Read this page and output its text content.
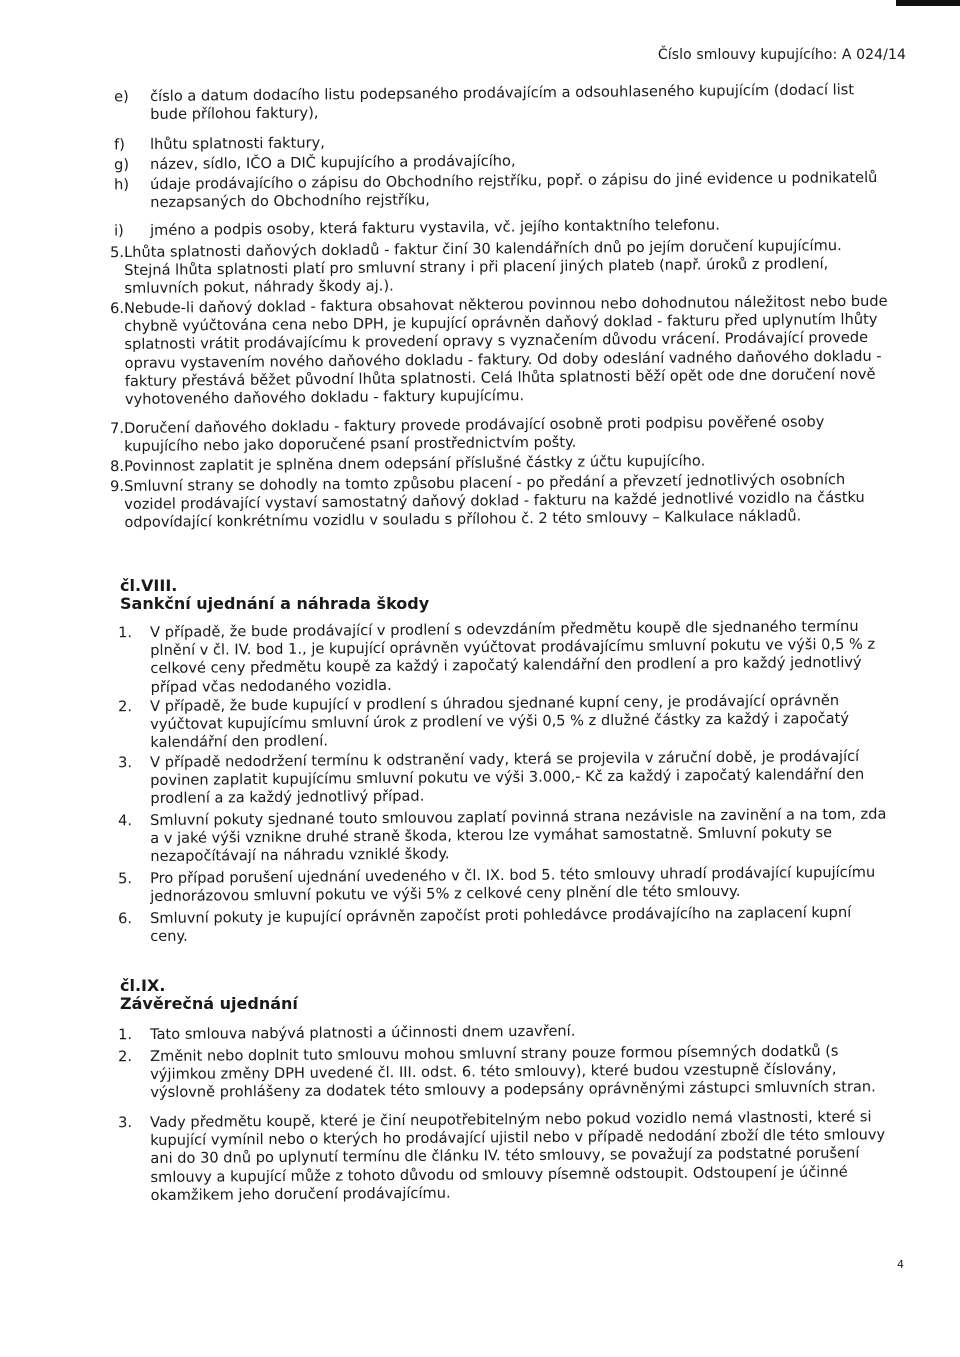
Číslo smlouvy kupujícího: A 024/14
e)	číslo a datum dodacího listu podepsaného prodávajícím a odsouhlaseného kupujícím (dodací list bude přílohou faktury),
f)	lhůtu splatnosti faktury,
g)	název, sídlo, IČO a DIČ kupujícího a prodávajícího,
h)	údaje prodávajícího o zápisu do Obchodního rejstříku, popř. o zápisu do jiné evidence u podnikatelů nezapsaných do Obchodního rejstříku,
i)	jméno a podpis osoby, která fakturu vystavila, vč. jejího kontaktního telefonu.
5. Lhůta splatnosti daňových dokladů - faktur činí 30 kalendářních dnů po jejím doručení kupujícímu. Stejná lhůta splatnosti platí pro smluvní strany i při placení jiných plateb (např. úroků z prodlení, smluvních pokut, náhrady škody aj.).
6. Nebude-li daňový doklad - faktura obsahovat některou povinnou nebo dohodnutou náležitost nebo bude chybně vyúčtována cena nebo DPH, je kupující oprávněn daňový doklad - fakturu před uplynutím lhůty splatnosti vrátit prodávajícímu k provedení opravy s vyznačením důvodu vrácení. Prodávající provede opravu vystavením nového daňového dokladu - faktury. Od doby odeslání vadného daňového dokladu - faktury přestává běžet původní lhůta splatnosti. Celá lhůta splatnosti běží opět ode dne doručení nově vyhotoveného daňového dokladu - faktury kupujícímu.
7. Doručení daňového dokladu - faktury provede prodávající osobně proti podpisu pověřené osoby kupujícího nebo jako doporučené psaní prostřednictvím pošty.
8. Povinnost zaplatit je splněna dnem odepsání příslušné částky z účtu kupujícího.
9. Smluvní strany se dohodly na tomto způsobu placení - po předání a převzetí jednotlivých osobních vozidel prodávající vystaví samostatný daňový doklad - fakturu na každé jednotlivé vozidlo na částku odpovídající konkrétnímu vozidlu v souladu s přílohou č. 2 této smlouvy – Kalkulace nákladů.
čl.VIII.
Sankční ujednání a náhrada škody
1.	V případě, že bude prodávající v prodlení s odevzdáním předmětu koupě dle sjednaného termínu plnění v čl. IV. bod 1., je kupující oprávněn vyúčtovat prodávajícímu smluvní pokutu ve výši 0,5 % z celkové ceny předmětu koupě za každý i započatý kalendářní den prodlení a pro každý jednotlivý případ včas nedodaného vozidla.
2.	V případě, že bude kupující v prodlení s úhradou sjednané kupní ceny, je prodávající oprávněn vyúčtovat kupujícímu smluvní úrok z prodlení ve výši 0,5 % z dlužné částky za každý i započatý kalendářní den prodlení.
3.	V případě nedodržení termínu k odstranění vady, která se projevila v záruční době, je prodávající povinen zaplatit kupujícímu smluvní pokutu ve výši 3.000,- Kč za každý i započatý kalendářní den prodlení a za každý jednotlivý případ.
4.	Smluvní pokuty sjednané touto smlouvou zaplatí povinná strana nezávisle na zavinění a na tom, zda a v jaké výši vznikne druhé straně škoda, kterou lze vymáhat samostatně. Smluvní pokuty se nezapočítávají na náhradu vzniklé škody.
5.	Pro případ porušení ujednání uvedeného v čl. IX. bod 5. této smlouvy uhradí prodávající kupujícímu jednorázovou smluvní pokutu ve výši 5% z celkové ceny plnění dle této smlouvy.
6.	Smluvní pokuty je kupující oprávněn započíst proti pohledávce prodávajícího na zaplacení kupní ceny.
čl.IX.
Závěrečná ujednání
1.	Tato smlouva nabývá platnosti a účinnosti dnem uzavření.
2.	Změnit nebo doplnit tuto smlouvu mohou smluvní strany pouze formou písemných dodatků (s výjimkou změny DPH uvedené čl. III. odst. 6. této smlouvy), které budou vzestupně číslovány, výslovně prohlášeny za dodatek této smlouvy a podepsány oprávněnými zástupci smluvních stran.
3.	Vady předmětu koupě, které je činí neupotřebitelným nebo pokud vozidlo nemá vlastnosti, které si kupující vymínil nebo o kterých ho prodávající ujistil nebo v případě nedodání zboží dle této smlouvy ani do 30 dnů po uplynutí termínu dle článku IV. této smlouvy, se považují za podstatné porušení smlouvy a kupující může z tohoto důvodu od smlouvy písemně odstoupit. Odstoupení je účinné okamžikem jeho doručení prodávajícímu.
4
